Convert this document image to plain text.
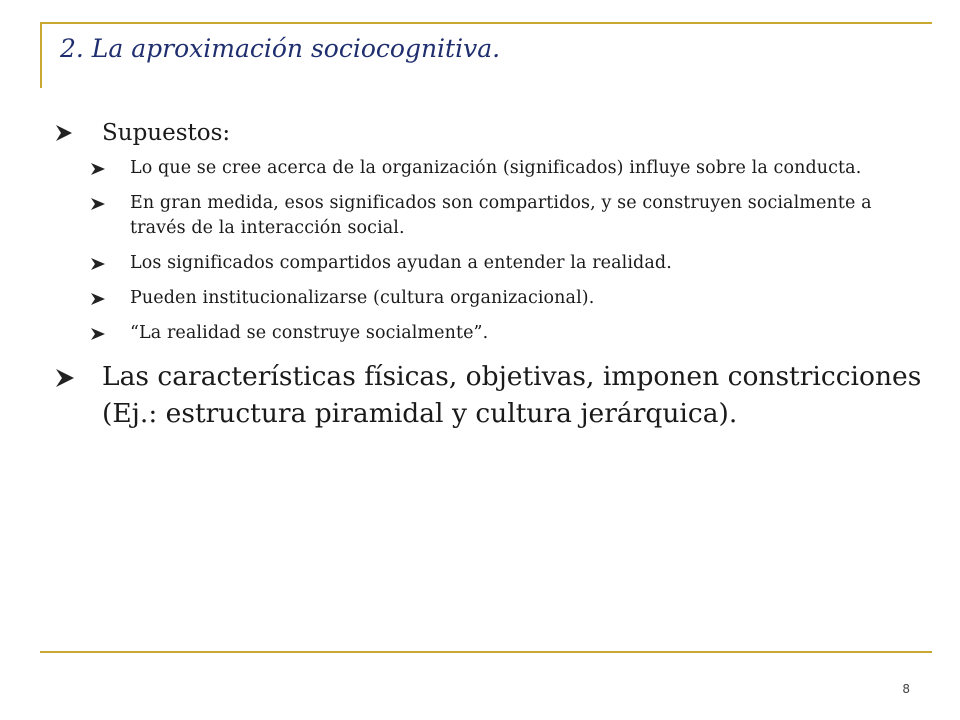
2. La aproximación sociocognitiva.
Supuestos:
Lo que se cree acerca de la organización (significados) influye sobre la conducta.
En gran medida, esos significados son compartidos, y se construyen socialmente a través de la interacción social.
Los significados compartidos ayudan a entender la realidad.
Pueden institucionalizarse (cultura organizacional).
“La realidad se construye socialmente”.
Las características físicas, objetivas, imponen constricciones (Ej.: estructura piramidal y cultura jerárquica).
8
